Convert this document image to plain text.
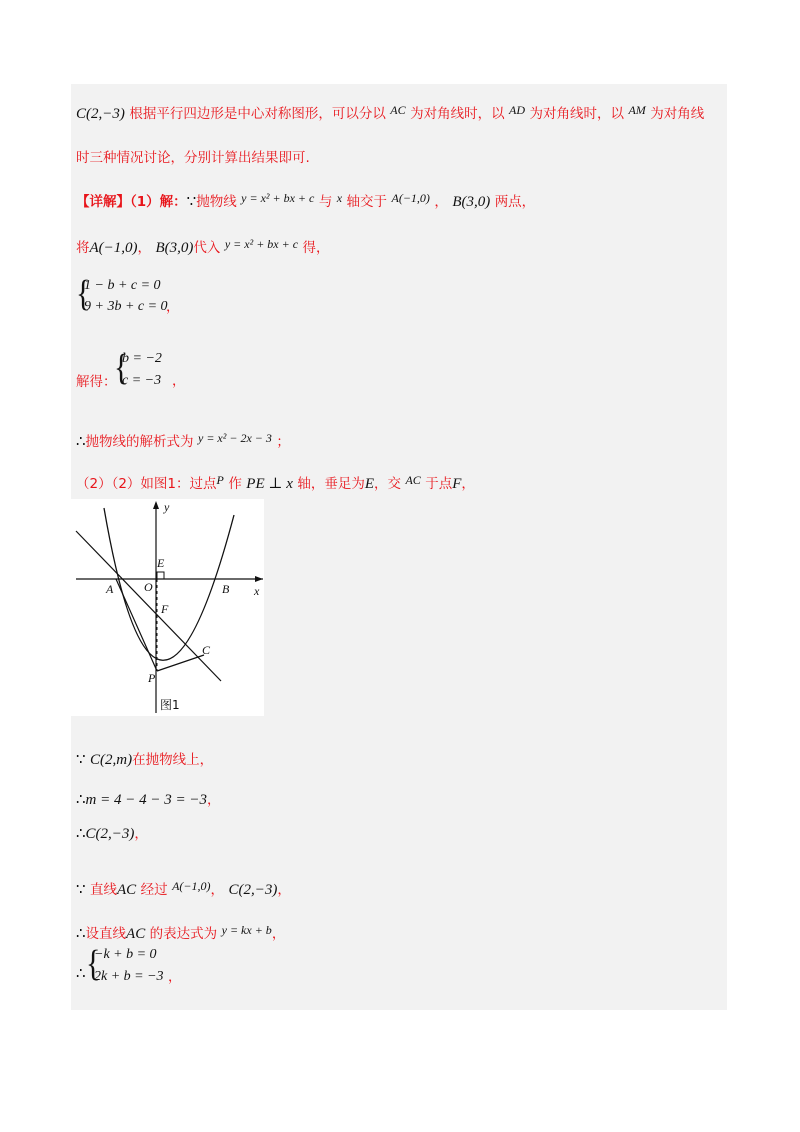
C(2,−3) 根据平行四边形是中心对称图形，可以分以 AC 为对角线时，以 AD 为对角线时，以 AM 为对角线
时三种情况讨论，分别计算出结果即可.
【详解】（1）解：∵抛物线 y = x² + bx + c 与 x 轴交于 A(−1,0) ， B(3,0) 两点，
将A(−1,0)， B(3,0)代入 y = x² + bx + c 得，
{
1 − b + c = 0
9 + 3b + c = 0
，
解得：
{
b = −2
c = −3 ，
∴抛物线的解析式为 y = x² − 2x − 3 ；
（2）（2）如图1：过点P 作 PE ⊥ x 轴，垂足为E，交 AC 于点F，
y
x
E
O
A	B
F
C
P
图1
∵ C(2,m)在抛物线上，
∴m = 4 − 4 − 3 = −3，
∴C(2,−3)，
∵ 直线AC 经过 A(−1,0)， C(2,−3)，
∴设直线AC 的表达式为 y = kx + b，
∴ {
−k + b = 0
2k + b = −3 ，
